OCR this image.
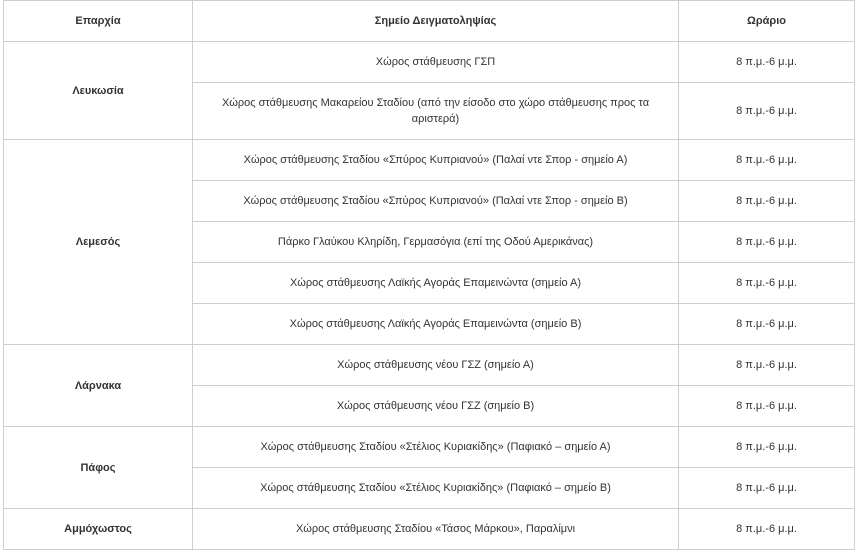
Επαρχία	Σημείο Δειγματοληψίας	Ωράριο
Λευκωσία	Χώρος στάθμευσης ΓΣΠ	8 π.μ.-6 μ.μ.
	Χώρος στάθμευσης Μακαρείου Σταδίου (από την είσοδο στο χώρο στάθμευσης προς τα αριστερά)	8 π.μ.-6 μ.μ.
Λεμεσός	Χώρος στάθμευσης Σταδίου «Σπύρος Κυπριανού» (Παλαί ντε Σπορ - σημείο Α)	8 π.μ.-6 μ.μ.
	Χώρος στάθμευσης Σταδίου «Σπύρος Κυπριανού» (Παλαί ντε Σπορ - σημείο Β)	8 π.μ.-6 μ.μ.
	Πάρκο Γλαύκου Κληρίδη, Γερμασόγια (επί της Οδού Αμερικάνας)	8 π.μ.-6 μ.μ.
	Χώρος στάθμευσης Λαϊκής Αγοράς Επαμεινώντα (σημείο Α)	8 π.μ.-6 μ.μ.
	Χώρος στάθμευσης Λαϊκής Αγοράς Επαμεινώντα (σημείο Β)	8 π.μ.-6 μ.μ.
Λάρνακα	Χώρος στάθμευσης νέου ΓΣΖ (σημείο Α)	8 π.μ.-6 μ.μ.
	Χώρος στάθμευσης νέου ΓΣΖ (σημείο Β)	8 π.μ.-6 μ.μ.
Πάφος	Χώρος στάθμευσης Σταδίου «Στέλιος Κυριακίδης» (Παφιακό – σημείο Α)	8 π.μ.-6 μ.μ.
	Χώρος στάθμευσης Σταδίου «Στέλιος Κυριακίδης» (Παφιακό – σημείο Β)	8 π.μ.-6 μ.μ.
Αμμόχωστος	Χώρος στάθμευσης Σταδίου «Τάσος Μάρκου», Παραλίμνι	8 π.μ.-6 μ.μ.
